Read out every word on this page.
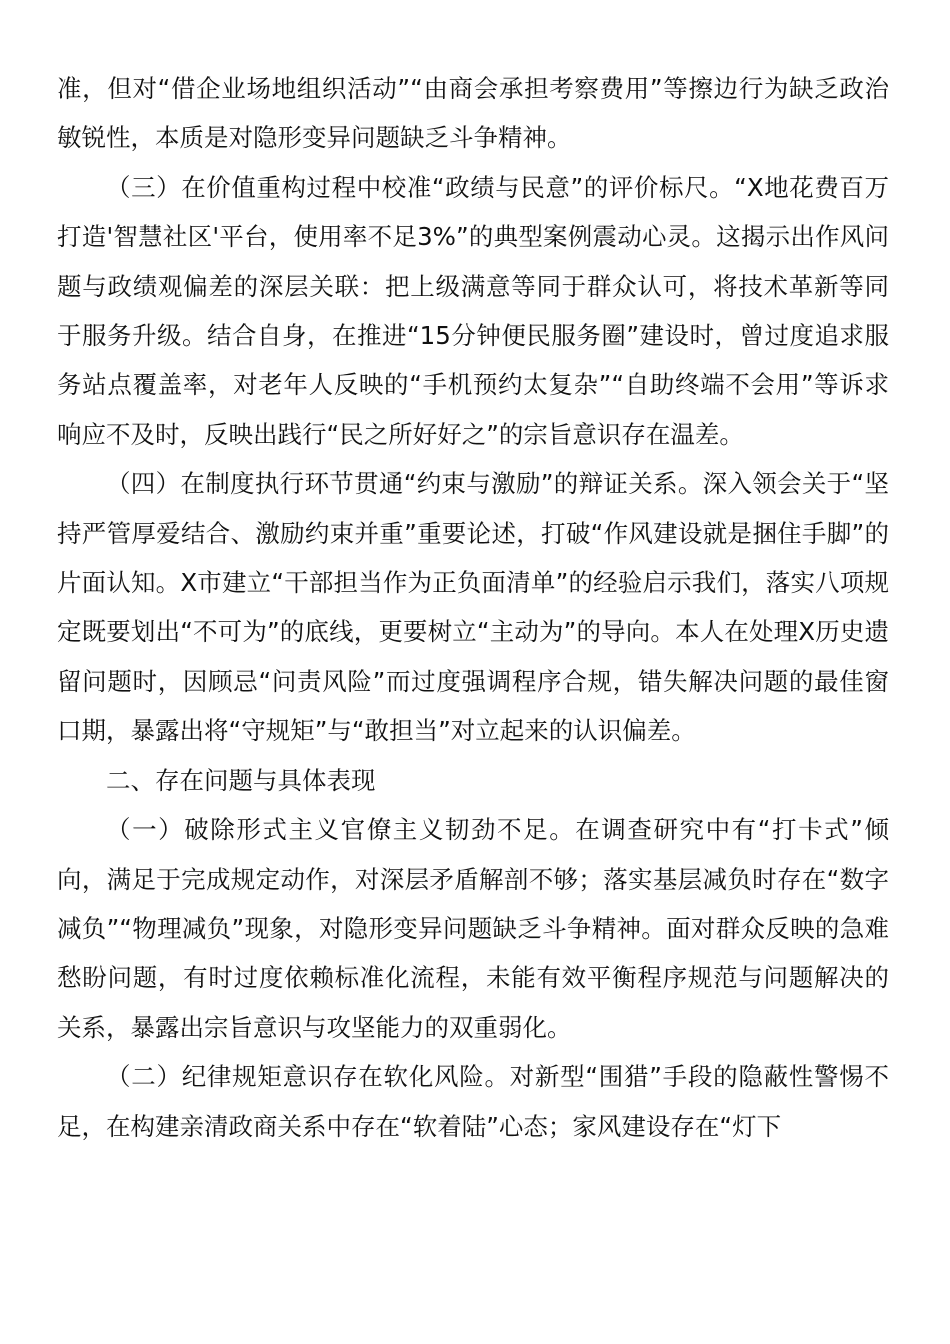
准，但对“借企业场地组织活动”“由商会承担考察费用”等擦边行为缺乏政治敏锐性，本质是对隐形变异问题缺乏斗争精神。

（三）在价值重构过程中校准“政绩与民意”的评价标尺。“X地花费百万打造'智慧社区'平台，使用率不足3%”的典型案例震动心灵。这揭示出作风问题与政绩观偏差的深层关联：把上级满意等同于群众认可，将技术革新等同于服务升级。结合自身，在推进“15分钟便民服务圈”建设时，曾过度追求服务站点覆盖率，对老年人反映的“手机预约太复杂”“自助终端不会用”等诉求响应不及时，反映出践行“民之所好好之”的宗旨意识存在温差。

（四）在制度执行环节贯通“约束与激励”的辩证关系。深入领会关于“坚持严管厚爱结合、激励约束并重”重要论述，打破“作风建设就是捆住手脚”的片面认知。X市建立“干部担当作为正负面清单”的经验启示我们，落实八项规定既要划出“不可为”的底线，更要树立“主动为”的导向。本人在处理X历史遗留问题时，因顾忌“问责风险”而过度强调程序合规，错失解决问题的最佳窗口期，暴露出将“守规矩”与“敢担当”对立起来的认识偏差。

二、存在问题与具体表现

（一）破除形式主义官僚主义韧劲不足。在调查研究中有“打卡式”倾向，满足于完成规定动作，对深层矛盾解剖不够；落实基层减负时存在“数字减负”“物理减负”现象，对隐形变异问题缺乏斗争精神。面对群众反映的急难愁盼问题，有时过度依赖标准化流程，未能有效平衡程序规范与问题解决的关系，暴露出宗旨意识与攻坚能力的双重弱化。

（二）纪律规矩意识存在软化风险。对新型“围猎”手段的隐蔽性警惕不足，在构建亲清政商关系中存在“软着陆”心态；家风建设存在“灯下
